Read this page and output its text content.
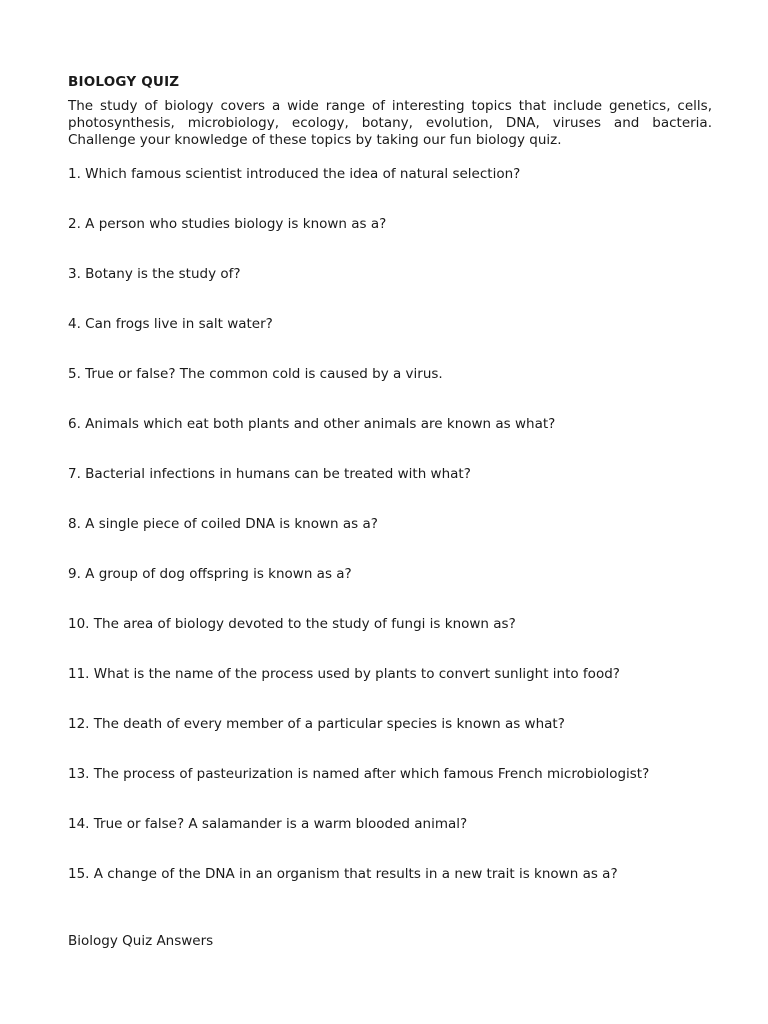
BIOLOGY QUIZ

The study of biology covers a wide range of interesting topics that include genetics, cells, photosynthesis, microbiology, ecology, botany, evolution, DNA, viruses and bacteria. Challenge your knowledge of these topics by taking our fun biology quiz.

1. Which famous scientist introduced the idea of natural selection?
2. A person who studies biology is known as a?
3. Botany is the study of?
4. Can frogs live in salt water?
5. True or false? The common cold is caused by a virus.
6. Animals which eat both plants and other animals are known as what?
7. Bacterial infections in humans can be treated with what?
8. A single piece of coiled DNA is known as a?
9. A group of dog offspring is known as a?
10. The area of biology devoted to the study of fungi is known as?
11. What is the name of the process used by plants to convert sunlight into food?
12. The death of every member of a particular species is known as what?
13. The process of pasteurization is named after which famous French microbiologist?
14. True or false? A salamander is a warm blooded animal?
15. A change of the DNA in an organism that results in a new trait is known as a?

Biology Quiz Answers
